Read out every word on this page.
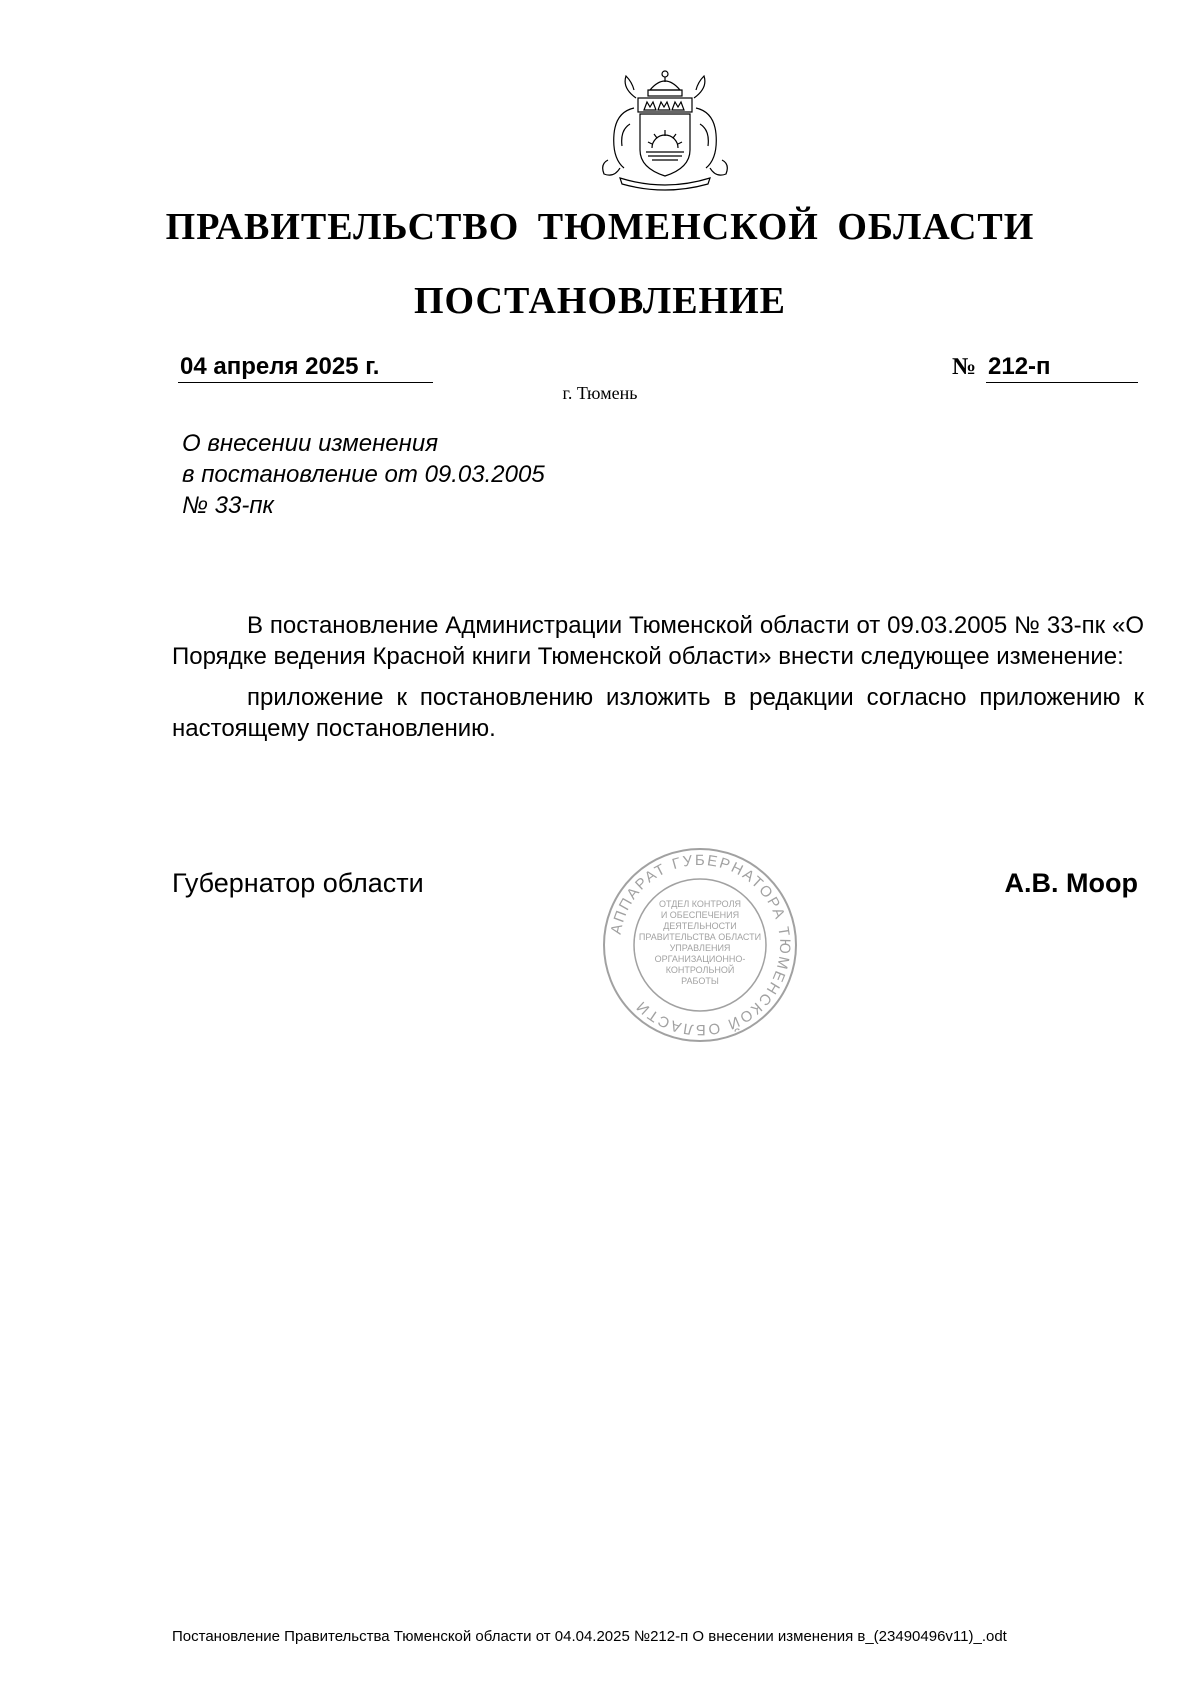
ПРАВИТЕЛЬСТВО ТЮМЕНСКОЙ ОБЛАСТИ
ПОСТАНОВЛЕНИЕ
04 апреля 2025 г.	№ 212-п
г. Тюмень
О внесении изменения
в постановление от 09.03.2005
№ 33-пк

В постановление Администрации Тюменской области от 09.03.2005 № 33-пк «О Порядке ведения Красной книги Тюменской области» внести следующее изменение:

приложение к постановлению изложить в редакции согласно приложению к настоящему постановлению.

Губернатор области
АППАРАТ ГУБЕРНАТОРА ТЮМЕНСКОЙ ОБЛАСТИ
ОТДЕЛ КОНТРОЛЯ
И ОБЕСПЕЧЕНИЯ
ДЕЯТЕЛЬНОСТИ
ПРАВИТЕЛЬСТВА ОБЛАСТИ
УПРАВЛЕНИЯ
ОРГАНИЗАЦИОННО-
КОНТРОЛЬНОЙ
РАБОТЫ
А.В. Моор
Постановление Правительства Тюменской области от 04.04.2025 №212-п О внесении изменения в_(23490496v11)_.odt
